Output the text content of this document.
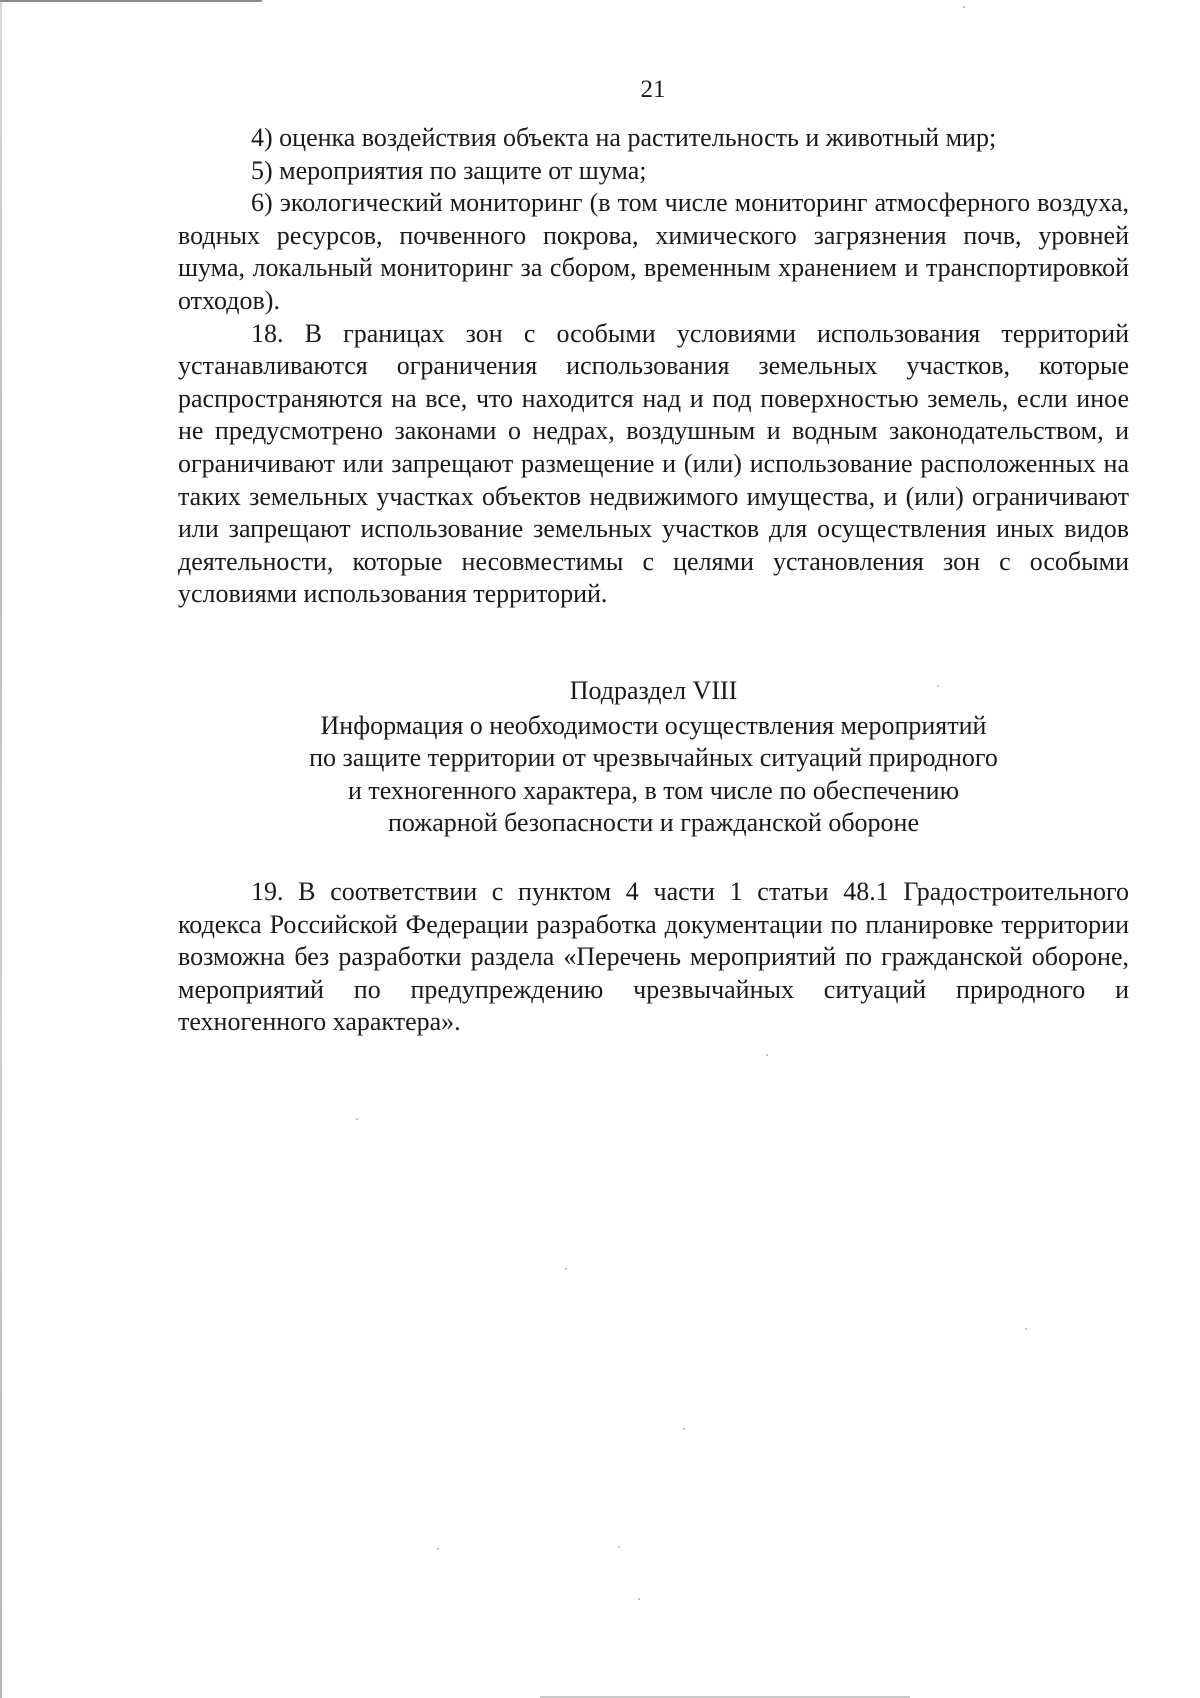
21

4) оценка воздействия объекта на растительность и животный мир;

5) мероприятия по защите от шума;

6) экологический мониторинг (в том числе мониторинг атмосферного воздуха, водных ресурсов, почвенного покрова, химического загрязнения почв, уровней шума, локальный мониторинг за сбором, временным хранением и транспортировкой отходов).

18. В границах зон с особыми условиями использования территорий устанавливаются ограничения использования земельных участков, которые распространяются на все, что находится над и под поверхностью земель, если иное не предусмотрено законами о недрах, воздушным и водным законодательством, и ограничивают или запрещают размещение и (или) использование расположенных на таких земельных участках объектов недвижимого имущества, и (или) ограничивают или запрещают использование земельных участков для осуществления иных видов деятельности, которые несовместимы с целями установления зон с особыми условиями использования территорий.

Подраздел VIII
Информация о необходимости осуществления мероприятий
по защите территории от чрезвычайных ситуаций природного
и техногенного характера, в том числе по обеспечению
пожарной безопасности и гражданской обороне

19. В соответствии с пунктом 4 части 1 статьи 48.1 Градостроительного кодекса Российской Федерации разработка документации по планировке территории возможна без разработки раздела «Перечень мероприятий по гражданской обороне, мероприятий по предупреждению чрезвычайных ситуаций природного и техногенного характера».
